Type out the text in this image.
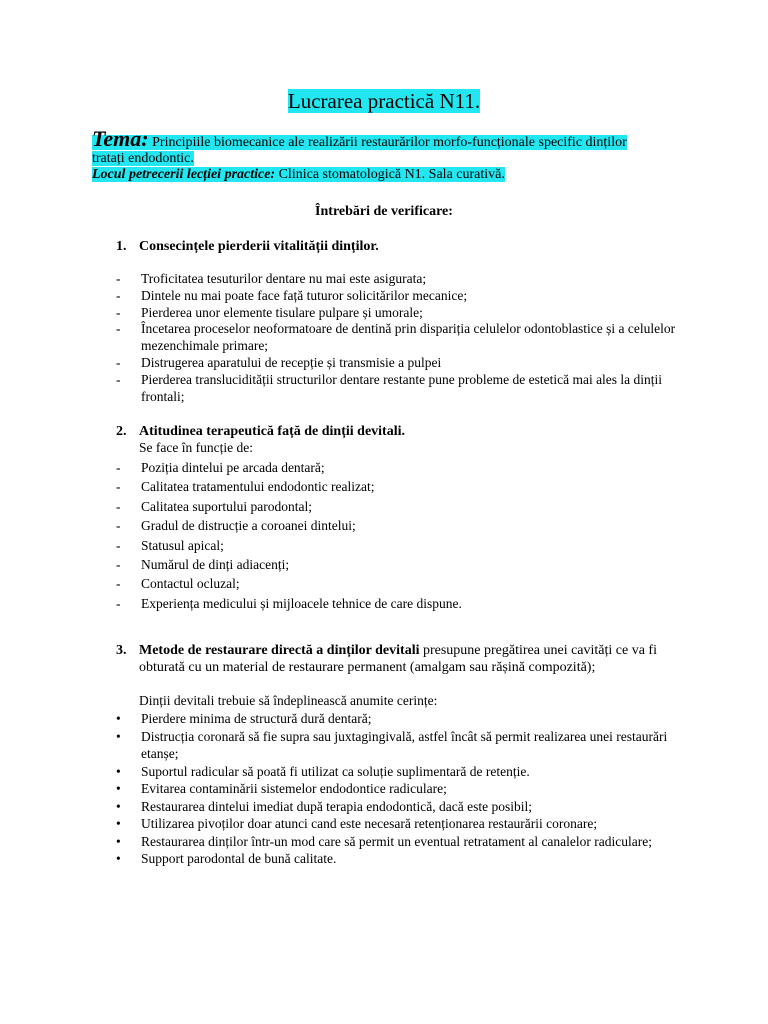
Lucrarea practică N11.
Tema: Principiile biomecanice ale realizării restaurărilor morfo-funcționale specific dinților tratați endodontic.
Locul petrecerii lecției practice: Clinica stomatologică N1. Sala curativă.
Întrebări de verificare:
1. Consecințele pierderii vitalității dinților.
- Troficitatea tesuturilor dentare nu mai este asigurata;
- Dintele nu mai poate face față tuturor solicitărilor mecanice;
- Pierderea unor elemente tisulare pulpare și umorale;
- Încetarea proceselor neoformatoare de dentină prin dispariția celulelor odontoblastice și a celulelor mezenchimale primare;
- Distrugerea aparatului de recepție și transmisie a pulpei
- Pierderea translucidității structurilor dentare restante pune probleme de estetică mai ales la dinții frontali;
2. Atitudinea terapeutică față de dinții devitali.
Se face în funcție de:
- Poziția dintelui pe arcada dentară;
- Calitatea tratamentului endodontic realizat;
- Calitatea suportului parodontal;
- Gradul de distrucție a coroanei dintelui;
- Statusul apical;
- Numărul de dinți adiacenți;
- Contactul ocluzal;
- Experiența medicului și mijloacele tehnice de care dispune.
3. Metode de restaurare directă a dinților devitali presupune pregătirea unei cavități ce va fi obturată cu un material de restaurare permanent (amalgam sau rășină compozită);
Dinții devitali trebuie să îndeplinească anumite cerințe:
• Pierdere minima de structură dură dentară;
• Distrucția coronară să fie supra sau juxtagingivală, astfel încât să permit realizarea unei restaurări etanșe;
• Suportul radicular să poată fi utilizat ca soluție suplimentară de retenție.
• Evitarea contaminării sistemelor endodontice radiculare;
• Restaurarea dintelui imediat după terapia endodontică, dacă este posibil;
• Utilizarea pivoților doar atunci cand este necesară retenționarea restaurării coronare;
• Restaurarea dinților într-un mod care să permit un eventual retratament al canalelor radiculare;
• Support parodontal de bună calitate.
